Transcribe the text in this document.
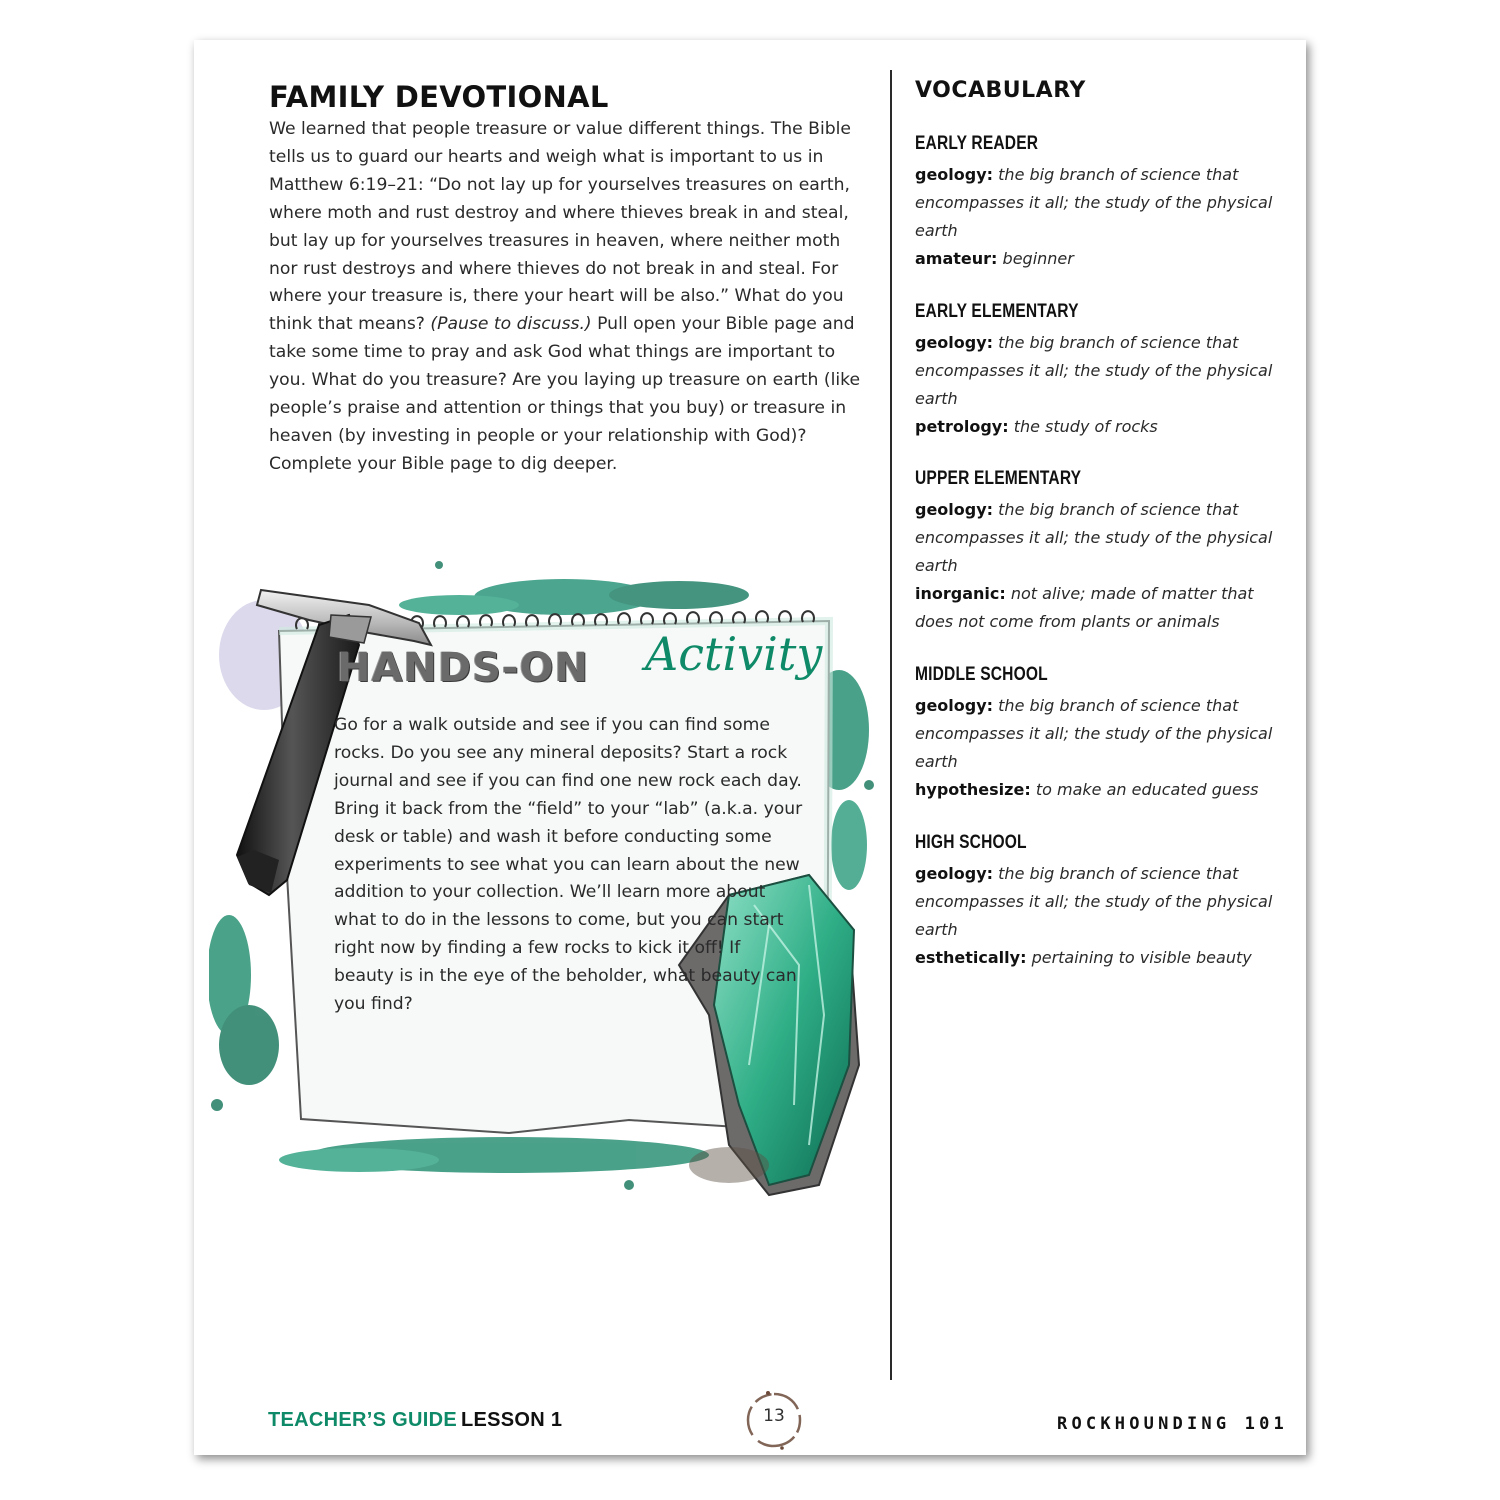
FAMILY DEVOTIONAL

We learned that people treasure or value different things. The Bible tells us to guard our hearts and weigh what is important to us in Matthew 6:19–21: “Do not lay up for yourselves treasures on earth, where moth and rust destroy and where thieves break in and steal, but lay up for yourselves treasures in heaven, where neither moth nor rust destroys and where thieves do not break in and steal. For where your treasure is, there your heart will be also.” What do you think that means? (Pause to discuss.) Pull open your Bible page and take some time to pray and ask God what things are important to you. What do you treasure? Are you laying up treasure on earth (like people’s praise and attention or things that you buy) or treasure in heaven (by investing in people or your relationship with God)? Complete your Bible page to dig deeper.

HANDS-ON Activity

Go for a walk outside and see if you can find some rocks. Do you see any mineral deposits? Start a rock journal and see if you can find one new rock each day. Bring it back from the “field” to your “lab” (a.k.a. your desk or table) and wash it before conducting some experiments to see what you can learn about the new addition to your collection. We’ll learn more about what to do in the lessons to come, but you can start right now by finding a few rocks to kick it off! If beauty is in the eye of the beholder, what beauty can you find?

VOCABULARY
EARLY READER

geology: the big branch of science that encompasses it all; the study of the physical earth

amateur: beginner

EARLY ELEMENTARY

geology: the big branch of science that encompasses it all; the study of the physical earth

petrology: the study of rocks

UPPER ELEMENTARY

geology: the big branch of science that encompasses it all; the study of the physical earth

inorganic: not alive; made of matter that does not come from plants or animals

MIDDLE SCHOOL

geology: the big branch of science that encompasses it all; the study of the physical earth

hypothesize: to make an educated guess

HIGH SCHOOL

geology: the big branch of science that encompasses it all; the study of the physical earth

esthetically: pertaining to visible beauty

TEACHER’S GUIDE LESSON 1	13	ROCKHOUNDING 101
